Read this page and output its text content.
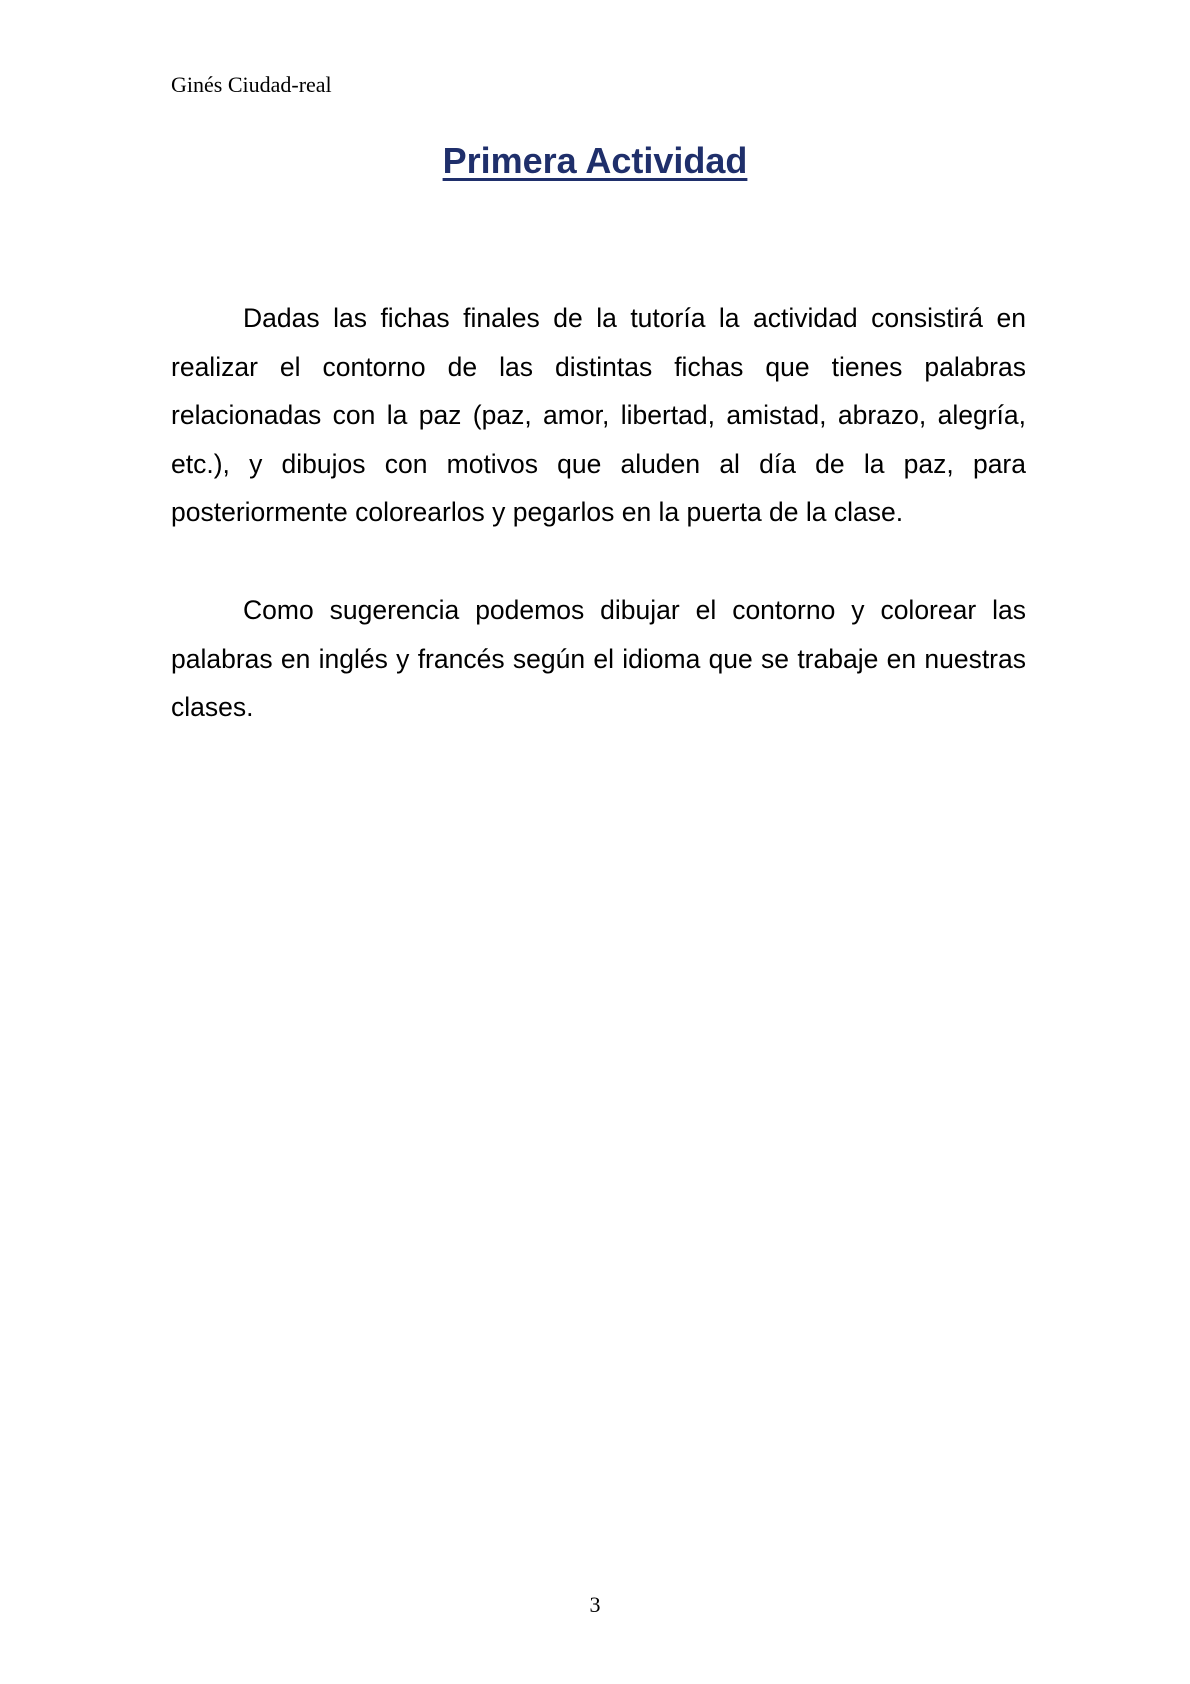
Ginés Ciudad-real
Primera Actividad

Dadas las fichas finales de la tutoría la actividad consistirá en realizar el contorno de las distintas fichas que tienes palabras relacionadas con la paz (paz, amor, libertad, amistad, abrazo, alegría, etc.), y dibujos con motivos que aluden al día de la paz, para posteriormente colorearlos y pegarlos en la puerta de la clase.

Como sugerencia podemos dibujar el contorno y colorear las palabras en inglés y francés según el idioma que se trabaje en nuestras clases.

3
